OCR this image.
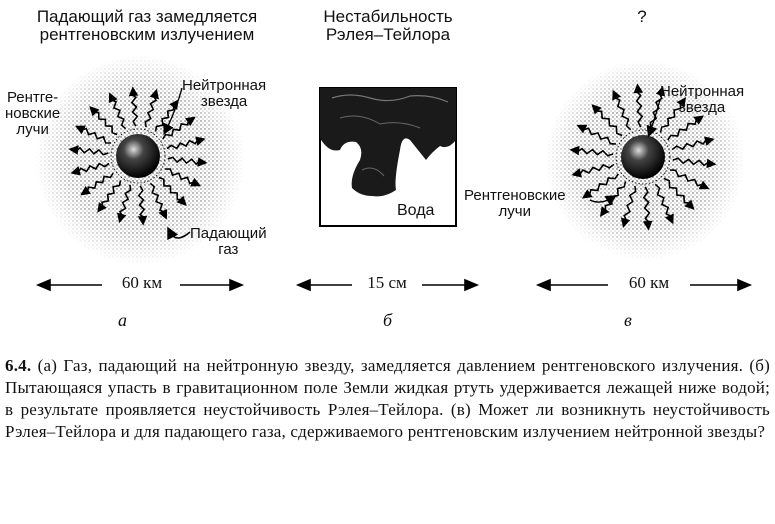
Падающий газ замедляется
рентгеновским излучением
Рентге-
новские
лучи
Нейтронная
звезда
Падающий
газ
60 км
а
Нестабильность
Рэлея–Тейлора
Вода
15 см
б
?
Нейтронная
звезда
Рентгеновские
лучи
60 км
в
6.4. (а) Газ, падающий на нейтронную звезду, замедляется давлением рентгеновского излучения. (б) Пытающаяся упасть в гравитационном поле Земли жидкая ртуть удерживается лежащей ниже водой; в результате проявляется неустойчивость Рэлея–Тейлора. (в) Может ли возникнуть неустойчивость Рэлея–Тейлора и для падающего газа, сдерживаемого рентгеновским излучением нейтронной звезды?
